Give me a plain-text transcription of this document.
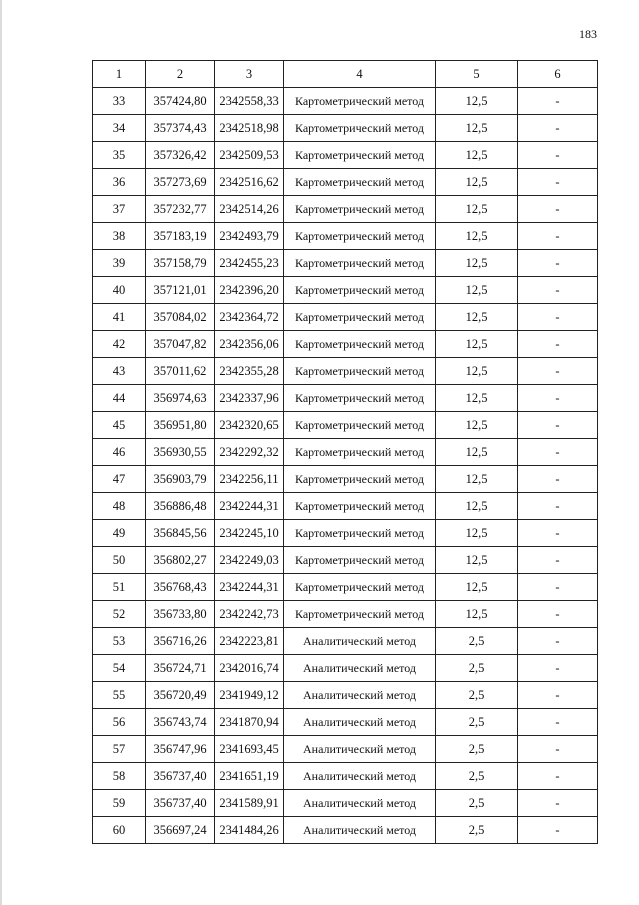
183
1	2	3	4	5	6
33	357424,80	2342558,33	Картометрический метод	12,5	-
34	357374,43	2342518,98	Картометрический метод	12,5	-
35	357326,42	2342509,53	Картометрический метод	12,5	-
36	357273,69	2342516,62	Картометрический метод	12,5	-
37	357232,77	2342514,26	Картометрический метод	12,5	-
38	357183,19	2342493,79	Картометрический метод	12,5	-
39	357158,79	2342455,23	Картометрический метод	12,5	-
40	357121,01	2342396,20	Картометрический метод	12,5	-
41	357084,02	2342364,72	Картометрический метод	12,5	-
42	357047,82	2342356,06	Картометрический метод	12,5	-
43	357011,62	2342355,28	Картометрический метод	12,5	-
44	356974,63	2342337,96	Картометрический метод	12,5	-
45	356951,80	2342320,65	Картометрический метод	12,5	-
46	356930,55	2342292,32	Картометрический метод	12,5	-
47	356903,79	2342256,11	Картометрический метод	12,5	-
48	356886,48	2342244,31	Картометрический метод	12,5	-
49	356845,56	2342245,10	Картометрический метод	12,5	-
50	356802,27	2342249,03	Картометрический метод	12,5	-
51	356768,43	2342244,31	Картометрический метод	12,5	-
52	356733,80	2342242,73	Картометрический метод	12,5	-
53	356716,26	2342223,81	Аналитический метод	2,5	-
54	356724,71	2342016,74	Аналитический метод	2,5	-
55	356720,49	2341949,12	Аналитический метод	2,5	-
56	356743,74	2341870,94	Аналитический метод	2,5	-
57	356747,96	2341693,45	Аналитический метод	2,5	-
58	356737,40	2341651,19	Аналитический метод	2,5	-
59	356737,40	2341589,91	Аналитический метод	2,5	-
60	356697,24	2341484,26	Аналитический метод	2,5	-
